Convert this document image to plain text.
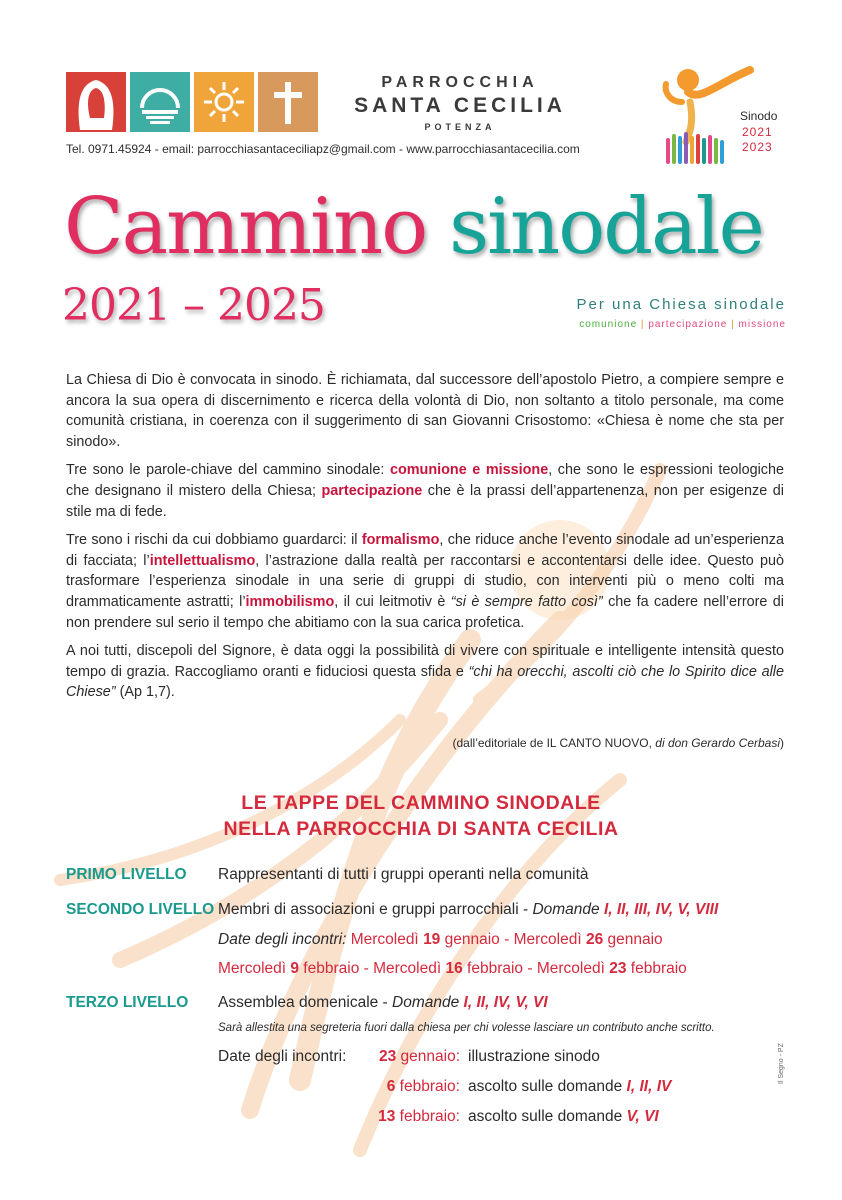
PARROCCHIA
SANTA CECILIA
POTENZA
Tel. 0971.45924 - email: parrocchiasantaceciliapz@gmail.com - www.parrocchiasantacecilia.com
Sinodo
2021
2023
Cammino sinodale
2021 – 2025	Per una Chiesa sinodale
comunione | partecipazione | missione

La Chiesa di Dio è convocata in sinodo. È richiamata, dal successore dell’apostolo Pietro, a compiere sempre e ancora la sua opera di discernimento e ricerca della volontà di Dio, non soltanto a titolo personale, ma come comunità cristiana, in coerenza con il suggerimento di san Giovanni Crisostomo: «Chiesa è nome che sta per sinodo».

Tre sono le parole-chiave del cammino sinodale: comunione e missione, che sono le espressioni teologiche che designano il mistero della Chiesa; partecipazione che è la prassi dell’appartenenza, non per esigenze di stile ma di fede.

Tre sono i rischi da cui dobbiamo guardarci: il formalismo, che riduce anche l’evento sinodale ad un’esperienza di facciata; l’intellettualismo, l’astrazione dalla realtà per raccontarsi e accontentarsi delle idee. Questo può trasformare l’esperienza sinodale in una serie di gruppi di studio, con interventi più o meno colti ma drammaticamente astratti; l’immobilismo, il cui leitmotiv è “si è sempre fatto così” che fa cadere nell’errore di non prendere sul serio il tempo che abitiamo con la sua carica profetica.

A noi tutti, discepoli del Signore, è data oggi la possibilità di vivere con spirituale e intelligente intensità questo tempo di grazia. Raccogliamo oranti e fiduciosi questa sfida e “chi ha orecchi, ascolti ciò che lo Spirito dice alle Chiese” (Ap 1,7).

(dall’editoriale de IL CANTO NUOVO, di don Gerardo Cerbasi)
LE TAPPE DEL CAMMINO SINODALE
NELLA PARROCCHIA DI SANTA CECILIA
PRIMO LIVELLO Rappresentanti di tutti i gruppi operanti nella comunità
SECONDO LIVELLO Membri di associazioni e gruppi parrocchiali - Domande I, II, III, IV, V, VIII
Date degli incontri: Mercoledì 19 gennaio - Mercoledì 26 gennaio
Mercoledì 9 febbraio - Mercoledì 16 febbraio - Mercoledì 23 febbraio
TERZO LIVELLO Assemblea domenicale - Domande I, II, IV, V, VI
Sarà allestita una segreteria fuori dalla chiesa per chi volesse lasciare un contributo anche scritto.
Date degli incontri:	23 gennaio: illustrazione sinodo
6 febbraio: ascolto sulle domande I, II, IV
13 febbraio: ascolto sulle domande V, VI
Il Segno - PZ
